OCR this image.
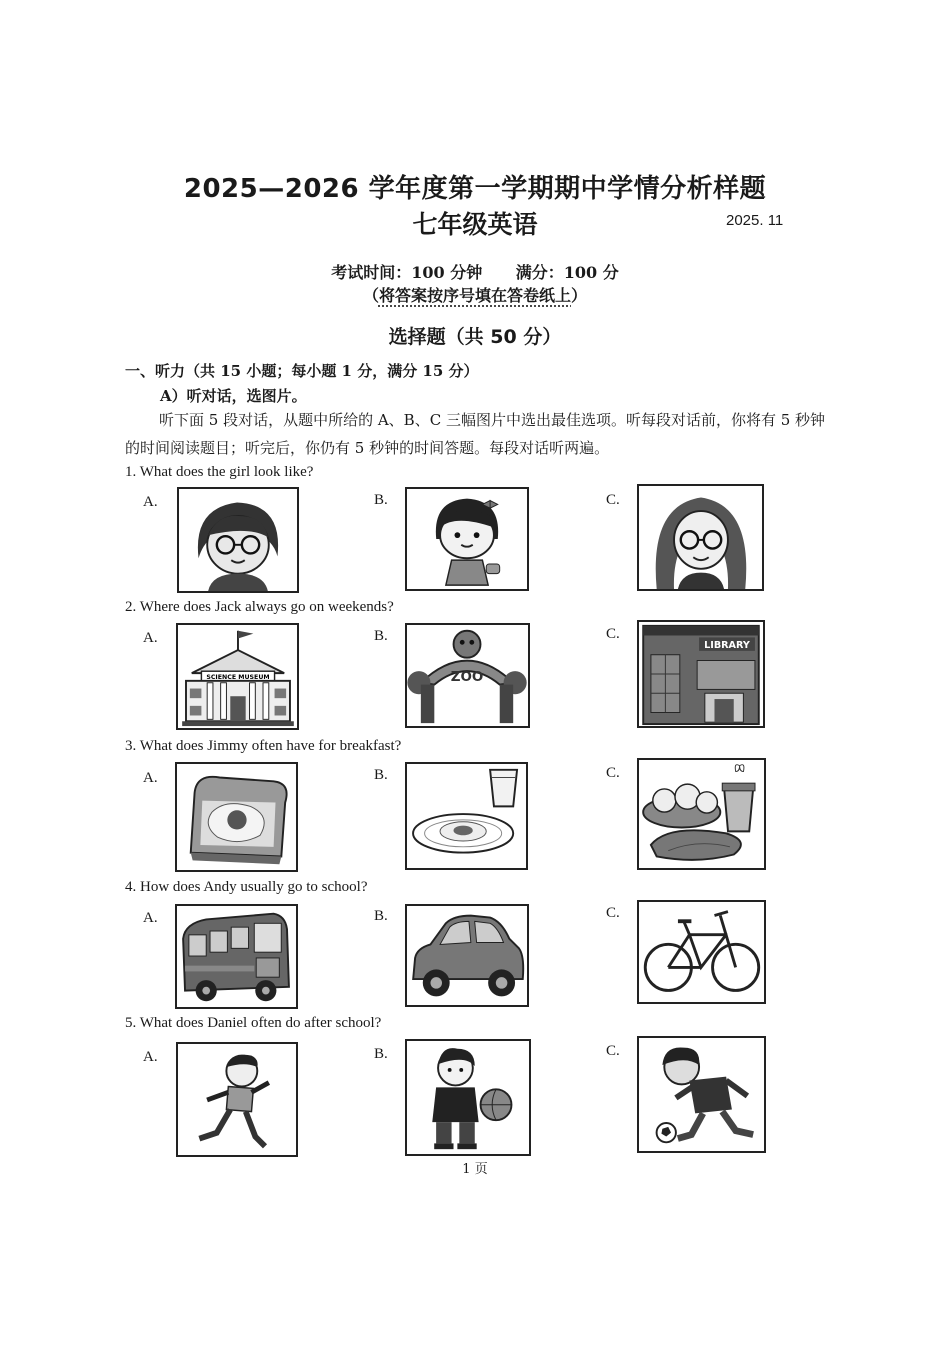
2025—2026 学年度第一学期期中学情分析样题
七年级英语	2025. 11
考试时间：100 分钟 满分：100 分
（将答案按序号填在答卷纸上）
选择题（共 50 分）
一、听力（共 15 小题；每小题 1 分，满分 15 分）
A）听对话，选图片。
听下面 5 段对话，从题中所给的 A、B、C 三幅图片中选出最佳选项。听每段对话前，你将有 5 秒钟的时间阅读题目；听完后，你仍有 5 秒钟的时间答题。每段对话听两遍。
1. What does the girl look like?
A.	B.	C.
2. Where does Jack always go on weekends?
A.	B.	C.
SCIENCE MUSEUM	ZOO
LIBRARY
3. What does Jimmy often have for breakfast?
A.	B.	C.
4. How does Andy usually go to school?
A.	B.	C.
5. What does Daniel often do after school?
A.	B.	C.
1 页
